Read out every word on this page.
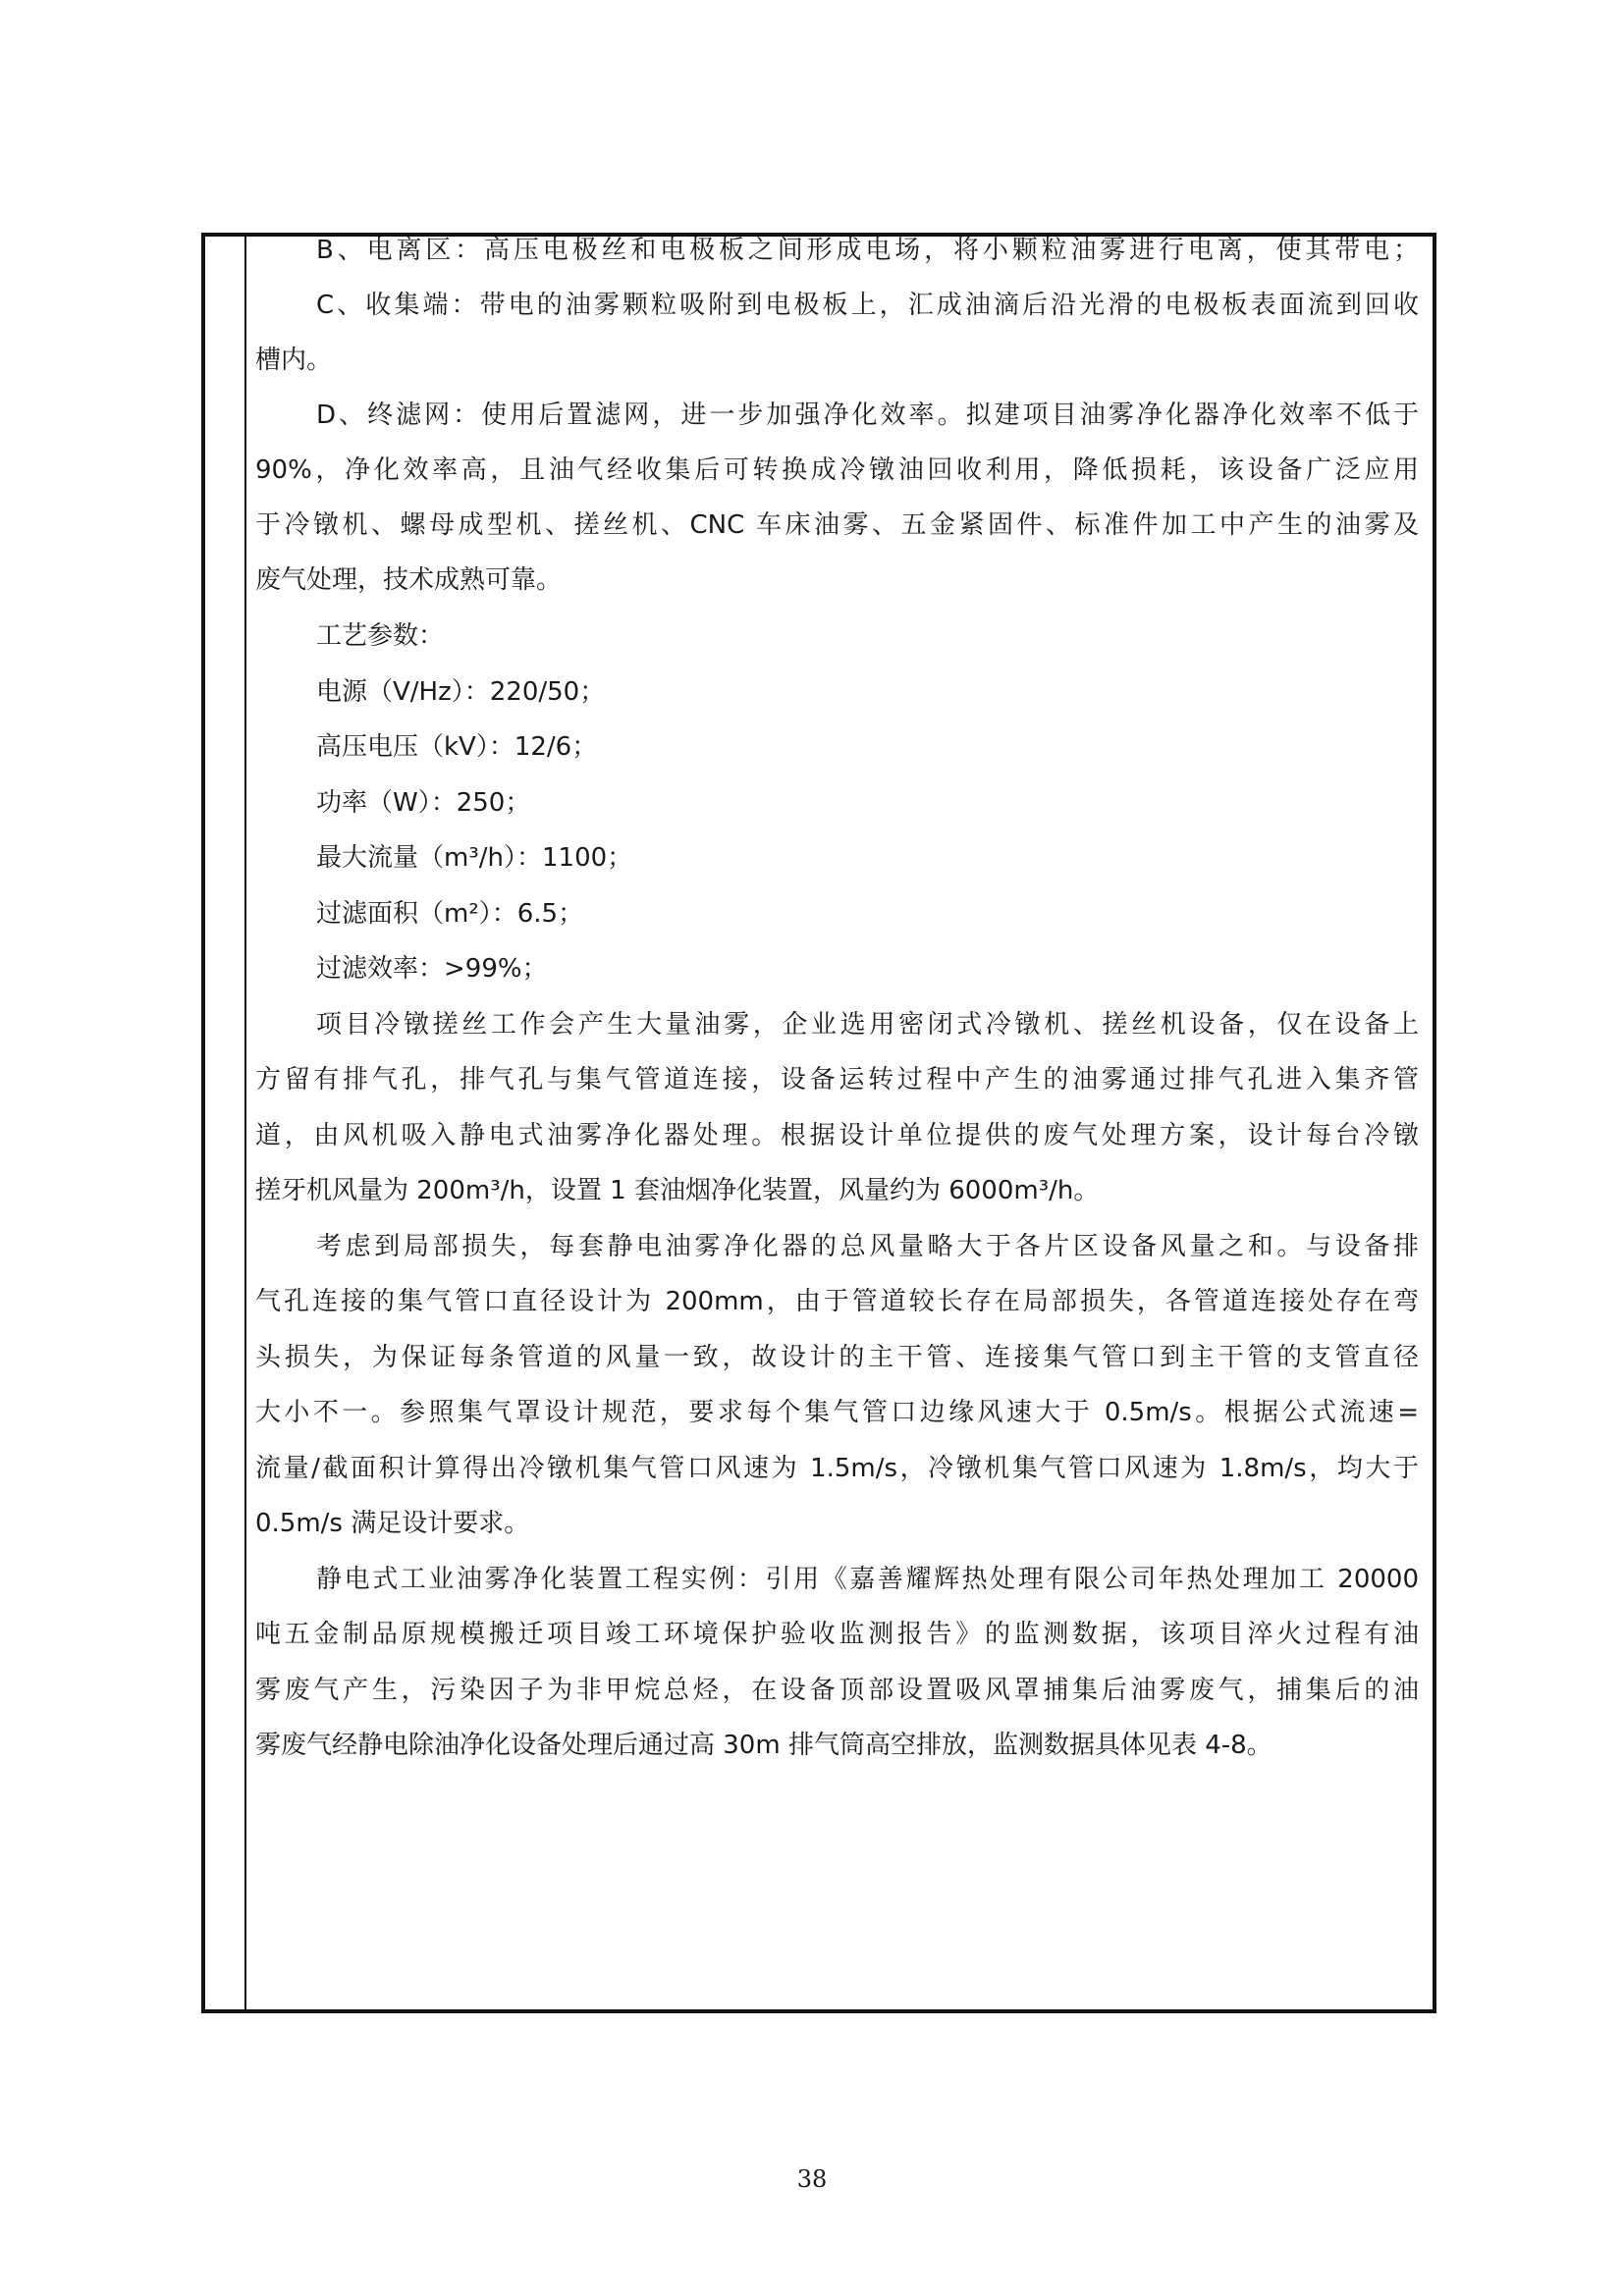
B、电离区：高压电极丝和电极板之间形成电场，将小颗粒油雾进行电离，使其带电；
C、收集端：带电的油雾颗粒吸附到电极板上，汇成油滴后沿光滑的电极板表面流到回收
槽内。
D、终滤网：使用后置滤网，进一步加强净化效率。拟建项目油雾净化器净化效率不低于
90%，净化效率高，且油气经收集后可转换成冷镦油回收利用，降低损耗，该设备广泛应用
于冷镦机、螺母成型机、搓丝机、CNC 车床油雾、五金紧固件、标准件加工中产生的油雾及
废气处理，技术成熟可靠。
工艺参数：
电源（V/Hz）：220/50；
高压电压（kV）：12/6；
功率（W）：250；
最大流量（m³/h）：1100；
过滤面积（m²）：6.5；
过滤效率：>99%；
项目冷镦搓丝工作会产生大量油雾，企业选用密闭式冷镦机、搓丝机设备，仅在设备上
方留有排气孔，排气孔与集气管道连接，设备运转过程中产生的油雾通过排气孔进入集齐管
道，由风机吸入静电式油雾净化器处理。根据设计单位提供的废气处理方案，设计每台冷镦
搓牙机风量为 200m³/h，设置 1 套油烟净化装置，风量约为 6000m³/h。
考虑到局部损失，每套静电油雾净化器的总风量略大于各片区设备风量之和。与设备排
气孔连接的集气管口直径设计为 200mm，由于管道较长存在局部损失，各管道连接处存在弯
头损失，为保证每条管道的风量一致，故设计的主干管、连接集气管口到主干管的支管直径
大小不一。参照集气罩设计规范，要求每个集气管口边缘风速大于 0.5m/s。根据公式流速=
流量/截面积计算得出冷镦机集气管口风速为 1.5m/s，冷镦机集气管口风速为 1.8m/s，均大于
0.5m/s 满足设计要求。
静电式工业油雾净化装置工程实例：引用《嘉善耀辉热处理有限公司年热处理加工 20000
吨五金制品原规模搬迁项目竣工环境保护验收监测报告》的监测数据，该项目淬火过程有油
雾废气产生，污染因子为非甲烷总烃，在设备顶部设置吸风罩捕集后油雾废气，捕集后的油
雾废气经静电除油净化设备处理后通过高 30m 排气筒高空排放，监测数据具体见表 4-8。
38
